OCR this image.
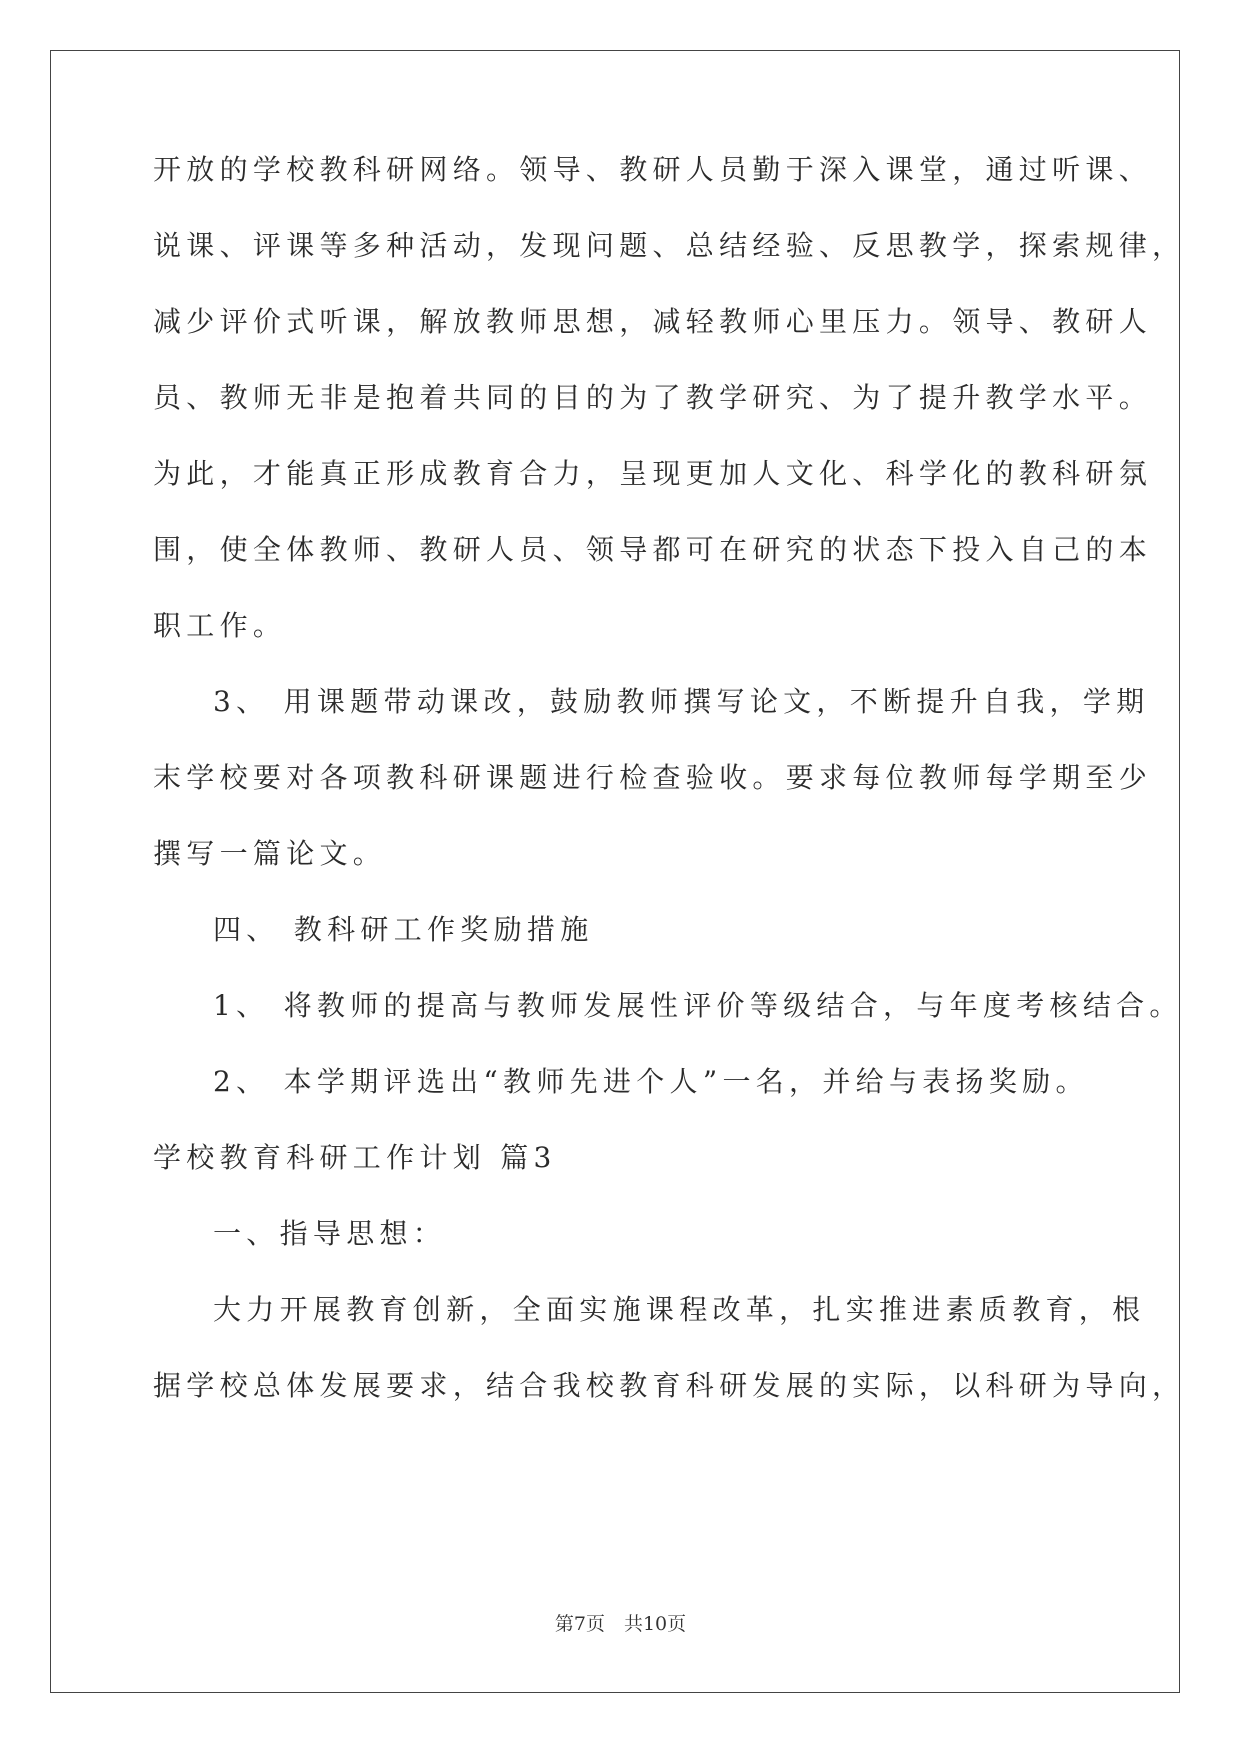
开放的学校教科研网络。领导、教研人员勤于深入课堂，通过听课、
说课、评课等多种活动，发现问题、总结经验、反思教学，探索规律，
减少评价式听课，解放教师思想，减轻教师心里压力。领导、教研人
员、教师无非是抱着共同的目的为了教学研究、为了提升教学水平。
为此，才能真正形成教育合力，呈现更加人文化、科学化的教科研氛
围，使全体教师、教研人员、领导都可在研究的状态下投入自己的本
职工作。
3、 用课题带动课改，鼓励教师撰写论文，不断提升自我，学期
末学校要对各项教科研课题进行检查验收。要求每位教师每学期至少
撰写一篇论文。
四、 教科研工作奖励措施
1、 将教师的提高与教师发展性评价等级结合，与年度考核结合。
2、 本学期评选出“教师先进个人”一名，并给与表扬奖励。
学校教育科研工作计划 篇3
一、指导思想：
大力开展教育创新，全面实施课程改革，扎实推进素质教育，根
据学校总体发展要求，结合我校教育科研发展的实际，以科研为导向，
第7页　共10页
